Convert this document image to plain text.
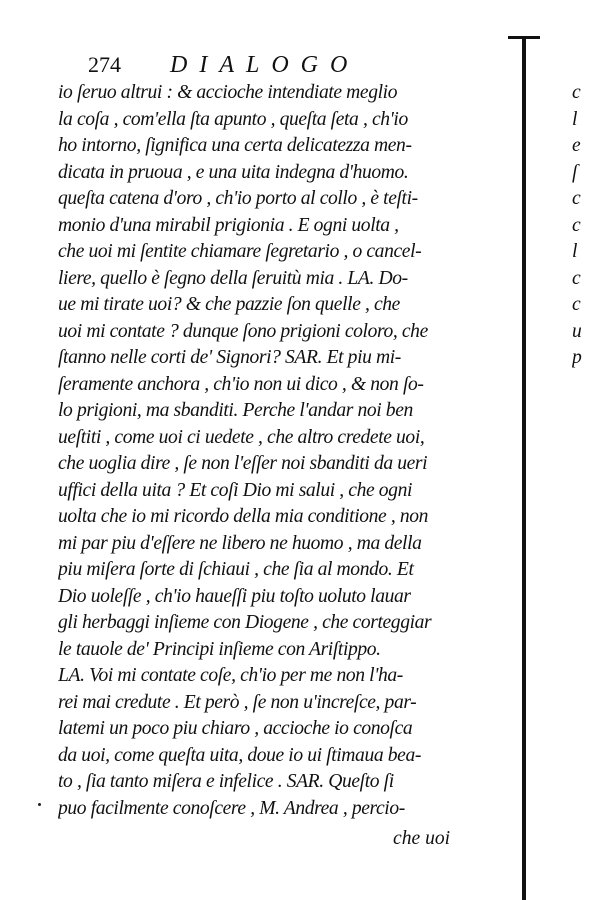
274 DIALOGO
io ſeruo altrui : & accioche intendiate meglio
la coſa , com'ella ſta apunto , queſta ſeta , ch'io
ho intorno, ſignifica una certa delicatezza men-
dicata in pruoua , e una uita indegna d'huomo.
queſta catena d'oro , ch'io porto al collo , è teſti-
monio d'una mirabil prigionia . E ogni uolta ,
che uoi mi ſentite chiamare ſegretario , o cancel-
liere, quello è ſegno della ſeruitù mia . LA. Do-
ue mi tirate uoi? & che pazzie ſon quelle , che
uoi mi contate ? dunque ſono prigioni coloro, che
ſtanno nelle corti de' Signori? SAR. Et piu mi-
ſeramente anchora , ch'io non ui dico , & non ſo-
lo prigioni, ma sbanditi. Perche l'andar noi ben
ueſtiti , come uoi ci uedete , che altro credete uoi,
che uoglia dire , ſe non l'eſſer noi sbanditi da ueri
uffici della uita ? Et coſi Dio mi salui , che ogni
uolta che io mi ricordo della mia conditione , non
mi par piu d'eſſere ne libero ne huomo , ma della
piu miſera ſorte di ſchiaui , che ſia al mondo. Et
Dio uoleſſe , ch'io haueſſi piu toſto uoluto lauar
gli herbaggi inſieme con Diogene , che corteggiar
le tauole de' Principi inſieme con Ariſtippo.
LA. Voi mi contate coſe, ch'io per me non l'ha-
rei mai credute . Et però , ſe non u'increſce, par-
latemi un poco piu chiaro , accioche io conoſca
da uoi, come queſta uita, doue io ui ſtimaua bea-
to , ſia tanto miſera e infelice . SAR. Queſto ſi
puo facilmente conoſcere , M. Andrea , percio-
che uoi
c
l
e
ſ
c
c
l
c
c
u
p
